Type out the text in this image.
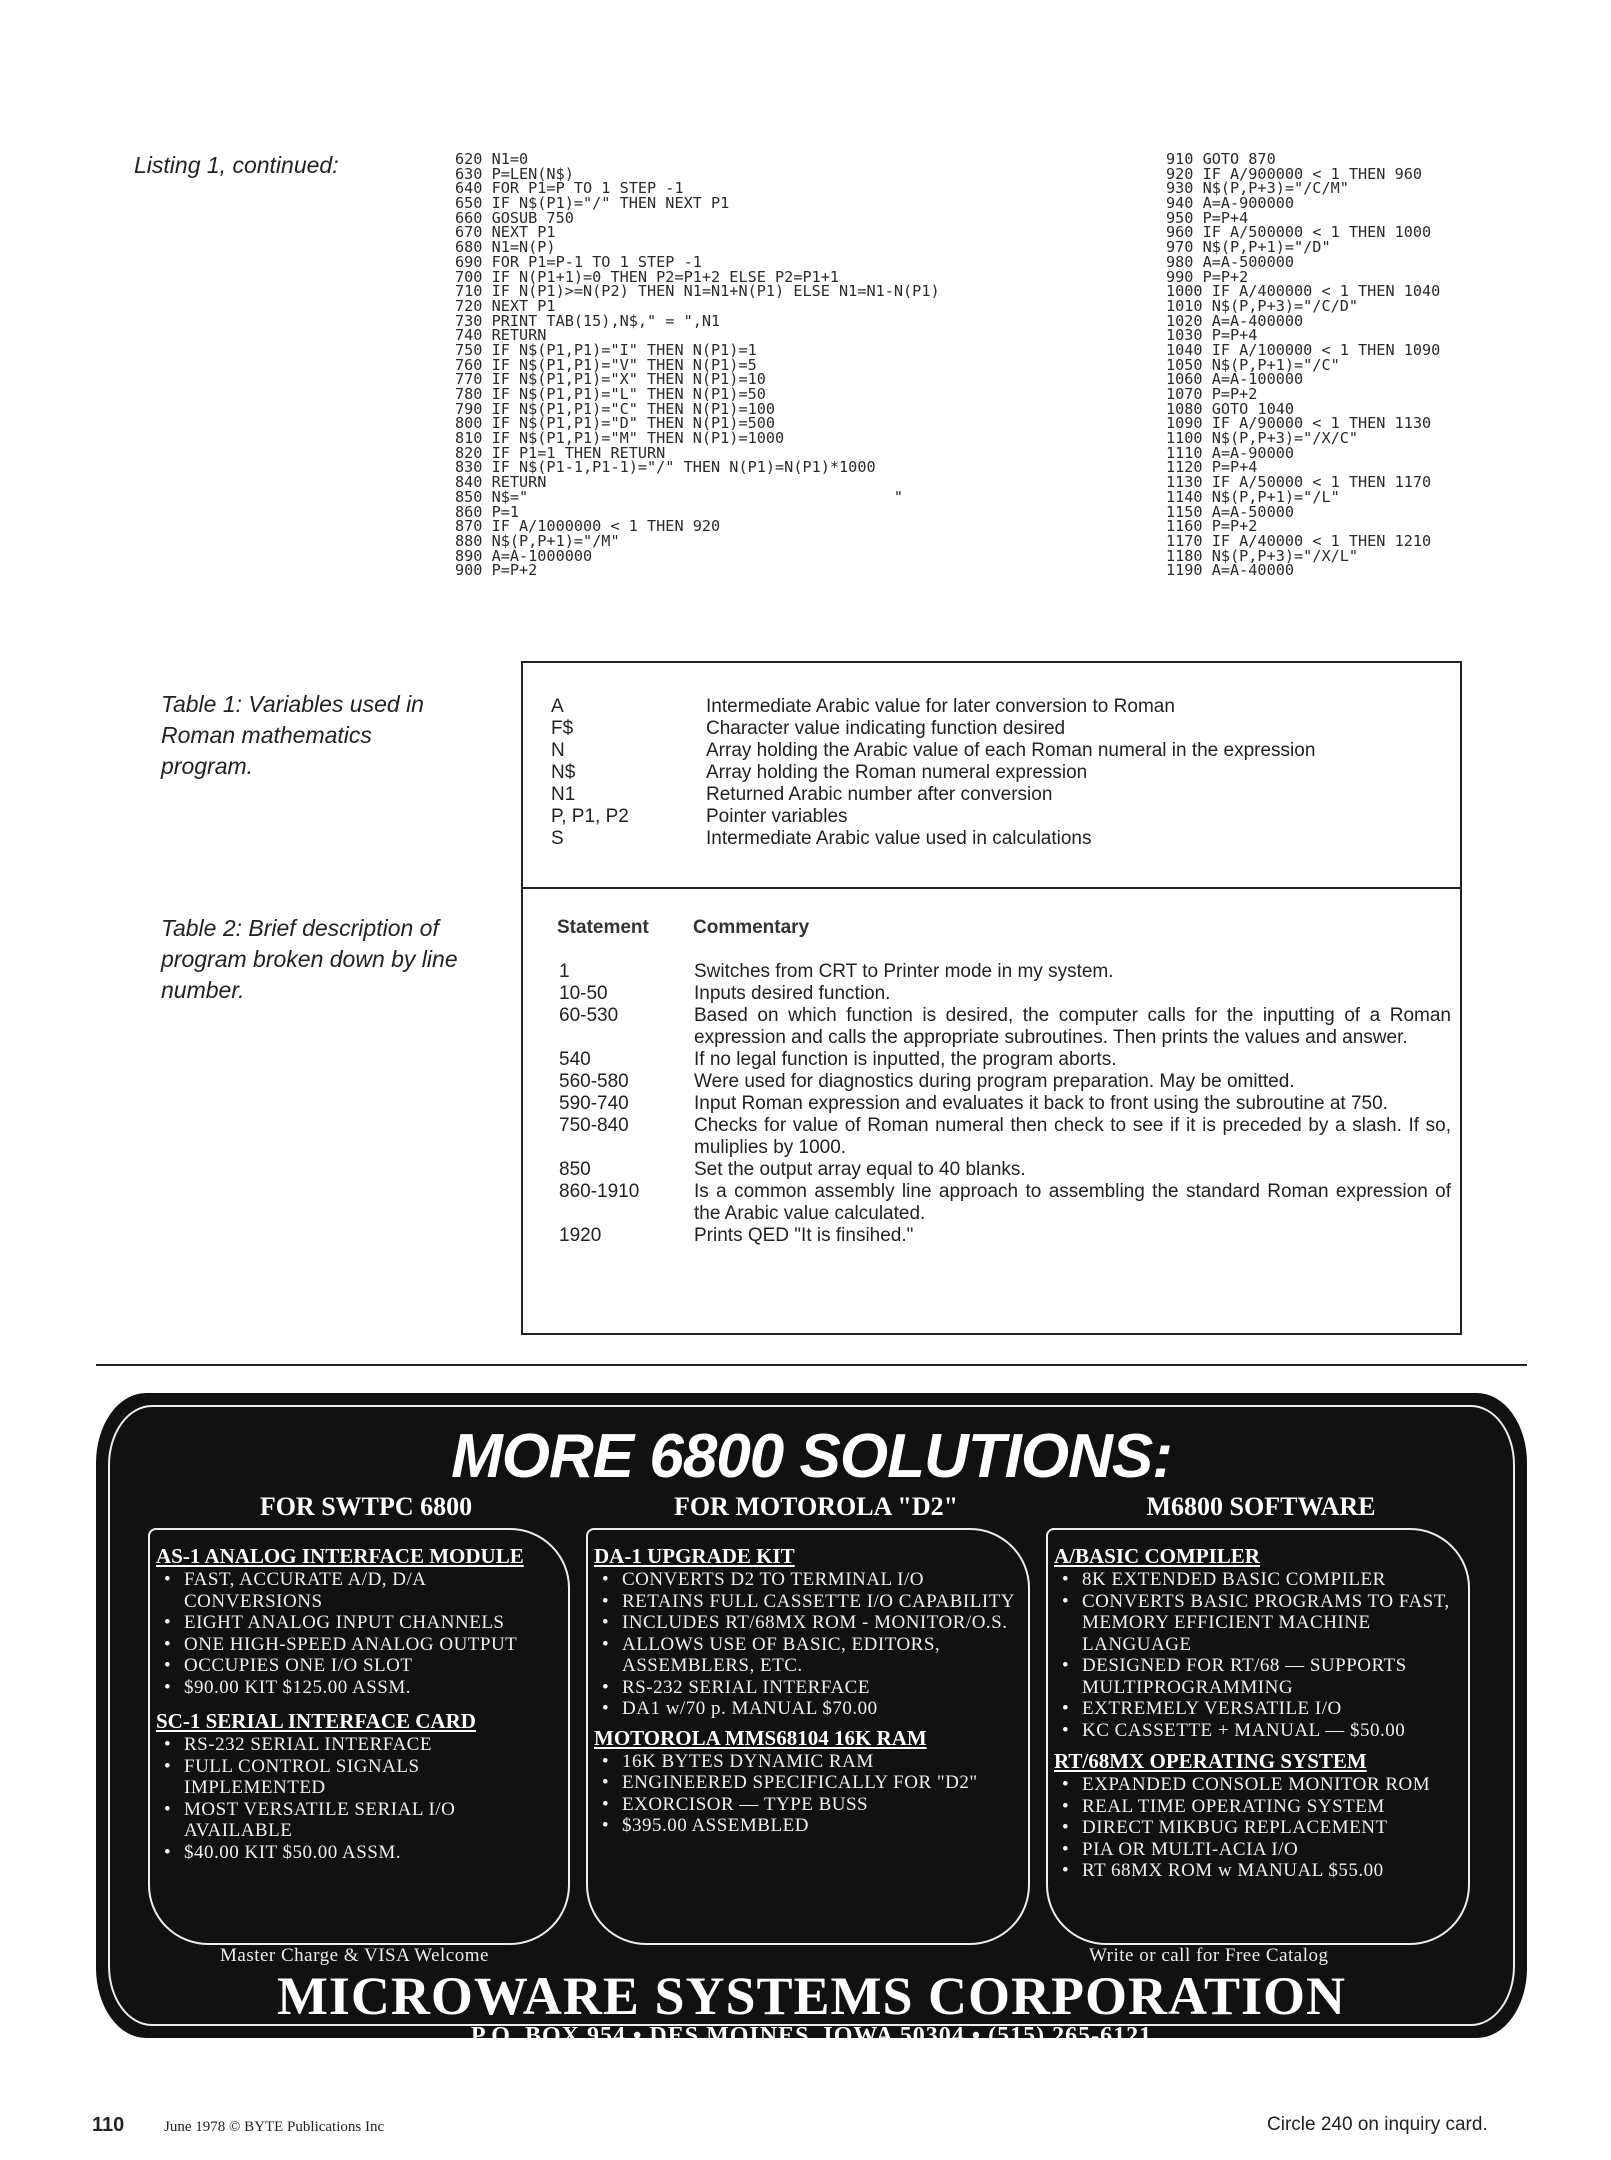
Listing 1, continued:	620 N1=0
630 P=LEN(N$)
640 FOR P1=P TO 1 STEP -1
650 IF N$(P1)="/" THEN NEXT P1
660 GOSUB 750
670 NEXT P1
680 N1=N(P)
690 FOR P1=P-1 TO 1 STEP -1
700 IF N(P1+1)=0 THEN P2=P1+2 ELSE P2=P1+1
710 IF N(P1)>=N(P2) THEN N1=N1+N(P1) ELSE N1=N1-N(P1)
720 NEXT P1
730 PRINT TAB(15),N$," = ",N1
740 RETURN
750 IF N$(P1,P1)="I" THEN N(P1)=1
760 IF N$(P1,P1)="V" THEN N(P1)=5
770 IF N$(P1,P1)="X" THEN N(P1)=10
780 IF N$(P1,P1)="L" THEN N(P1)=50
790 IF N$(P1,P1)="C" THEN N(P1)=100
800 IF N$(P1,P1)="D" THEN N(P1)=500
810 IF N$(P1,P1)="M" THEN N(P1)=1000
820 IF P1=1 THEN RETURN
830 IF N$(P1-1,P1-1)="/" THEN N(P1)=N(P1)*1000
840 RETURN
850 N$="                                        "
860 P=1
870 IF A/1000000 < 1 THEN 920
880 N$(P,P+1)="/M"
890 A=A-1000000
900 P=P+2
910 GOTO 870
920 IF A/900000 < 1 THEN 960
930 N$(P,P+3)="/C/M"
940 A=A-900000
950 P=P+4
960 IF A/500000 < 1 THEN 1000
970 N$(P,P+1)="/D"
980 A=A-500000
990 P=P+2
1000 IF A/400000 < 1 THEN 1040
1010 N$(P,P+3)="/C/D"
1020 A=A-400000
1030 P=P+4
1040 IF A/100000 < 1 THEN 1090
1050 N$(P,P+1)="/C"
1060 A=A-100000
1070 P=P+2
1080 GOTO 1040
1090 IF A/90000 < 1 THEN 1130
1100 N$(P,P+3)="/X/C"
1110 A=A-90000
1120 P=P+4
1130 IF A/50000 < 1 THEN 1170
1140 N$(P,P+1)="/L"
1150 A=A-50000
1160 P=P+2
1170 IF A/40000 < 1 THEN 1210
1180 N$(P,P+3)="/X/L"
1190 A=A-40000

Table 1: Variables used in Roman mathematics program.

A	Intermediate Arabic value for later conversion to Roman
F$	Character value indicating function desired
N	Array holding the Arabic value of each Roman numeral in the expression
N$	Array holding the Roman numeral expression
N1	Returned Arabic number after conversion
P, P1, P2	Pointer variables
S	Intermediate Arabic value used in calculations

Table 2: Brief description of program broken down by line number.

Statement Commentary
1	Switches from CRT to Printer mode in my system.
10-50	Inputs desired function.
60-530	Based on which function is desired, the computer calls for the inputting of a Roman expression and calls the appropriate subroutines. Then prints the values and answer.
540	If no legal function is inputted, the program aborts.
560-580	Were used for diagnostics during program preparation. May be omitted.
590-740	Input Roman expression and evaluates it back to front using the subroutine at 750.
750-840	Checks for value of Roman numeral then check to see if it is preceded by a slash. If so, muliplies by 1000.
850	Set the output array equal to 40 blanks.
860-1910	Is a common assembly line approach to assembling the standard Roman expression of the Arabic value calculated.
1920	Prints QED "It is finsihed."
MORE 6800 SOLUTIONS:
FOR SWTPC 6800	FOR MOTOROLA "D2"	M6800 SOFTWARE

AS-1 ANALOG INTERFACE MODULE

• FAST, ACCURATE A/D, D/A CONVERSIONS
• EIGHT ANALOG INPUT CHANNELS
• ONE HIGH-SPEED ANALOG OUTPUT
• OCCUPIES ONE I/O SLOT
• $90.00 KIT $125.00 ASSM.

SC-1 SERIAL INTERFACE CARD

• RS-232 SERIAL INTERFACE
• FULL CONTROL SIGNALS IMPLEMENTED
• MOST VERSATILE SERIAL I/O AVAILABLE
• $40.00 KIT $50.00 ASSM.

DA-1 UPGRADE KIT

• CONVERTS D2 TO TERMINAL I/O
• RETAINS FULL CASSETTE I/O CAPABILITY
• INCLUDES RT/68MX ROM - MONITOR/O.S.
• ALLOWS USE OF BASIC, EDITORS, ASSEMBLERS, ETC.
• RS-232 SERIAL INTERFACE
• DA1 w/70 p. MANUAL $70.00

MOTOROLA MMS68104 16K RAM

• 16K BYTES DYNAMIC RAM
• ENGINEERED SPECIFICALLY FOR "D2"
• EXORCISOR — TYPE BUSS
• $395.00 ASSEMBLED

A/BASIC COMPILER

• 8K EXTENDED BASIC COMPILER
• CONVERTS BASIC PROGRAMS TO FAST, MEMORY EFFICIENT MACHINE LANGUAGE
• DESIGNED FOR RT/68 — SUPPORTS MULTIPROGRAMMING
• EXTREMELY VERSATILE I/O
• KC CASSETTE + MANUAL — $50.00

RT/68MX OPERATING SYSTEM

• EXPANDED CONSOLE MONITOR ROM
• REAL TIME OPERATING SYSTEM
• DIRECT MIKBUG REPLACEMENT
• PIA OR MULTI-ACIA I/O
• RT 68MX ROM w MANUAL $55.00
Master Charge & VISA Welcome	Write or call for Free Catalog
MICROWARE SYSTEMS CORPORATION
P.O. BOX 954 • DES MOINES, IOWA 50304 • (515) 265-6121
110	June 1978 © BYTE Publications Inc	Circle 240 on inquiry card.
